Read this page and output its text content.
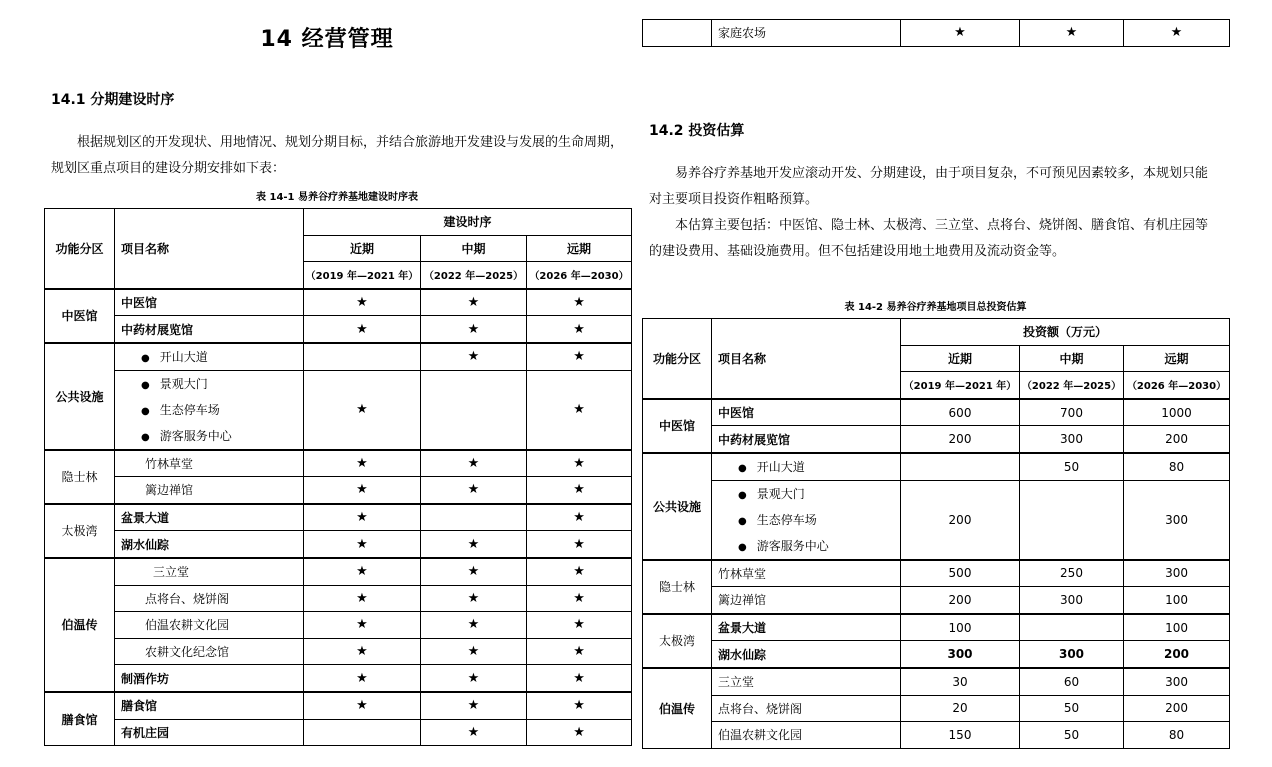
14 经营管理
14.1 分期建设时序

根据规划区的开发现状、用地情况、规划分期目标，并结合旅游地开发建设与发展的生命周期，

规划区重点项目的建设分期安排如下表：

表 14-1 易养谷疗养基地建设时序表
功能分区	项目名称	建设时序		
		近期	中期	远期
		（2019 年—2021 年）	（2022 年—2025）	（2026 年—2030）
中医馆	中医馆	★	★	★
	中药材展览馆	★	★	★
公共设施	● 开山大道		★	★

● 景观大门
● 生态停车场
● 游客服务中心	★		★
隐士林	竹林草堂	★	★	★
	篱边禅馆	★	★	★
太极湾	盆景大道	★		★
	湖水仙踪	★	★	★
伯温传	三立堂	★	★	★
	点将台、烧饼阁	★	★	★
	伯温农耕文化园	★	★	★
	农耕文化纪念馆	★	★	★
	制酒作坊	★	★	★
膳食馆	膳食馆	★	★	★
	有机庄园		★	★
	家庭农场	★	★	★
14.2 投资估算

易养谷疗养基地开发应滚动开发、分期建设，由于项目复杂，不可预见因素较多，本规划只能

对主要项目投资作粗略预算。

本估算主要包括：中医馆、隐士林、太极湾、三立堂、点将台、烧饼阁、膳食馆、有机庄园等

的建设费用、基础设施费用。但不包括建设用地土地费用及流动资金等。

表 14-2 易养谷疗养基地项目总投资估算
功能分区	项目名称	投资额（万元）		
		近期	中期	远期
		（2019 年—2021 年）	（2022 年—2025）	（2026 年—2030）
中医馆	中医馆	600	700	1000
	中药材展览馆	200	300	200
公共设施	● 开山大道		50	80

● 景观大门
● 生态停车场
● 游客服务中心	200		300
隐士林	竹林草堂	500	250	300
	篱边禅馆	200	300	100
太极湾	盆景大道	100		100
	湖水仙踪	300	300	200
伯温传	三立堂	30	60	300
	点将台、烧饼阁	20	50	200
	伯温农耕文化园	150	50	80
